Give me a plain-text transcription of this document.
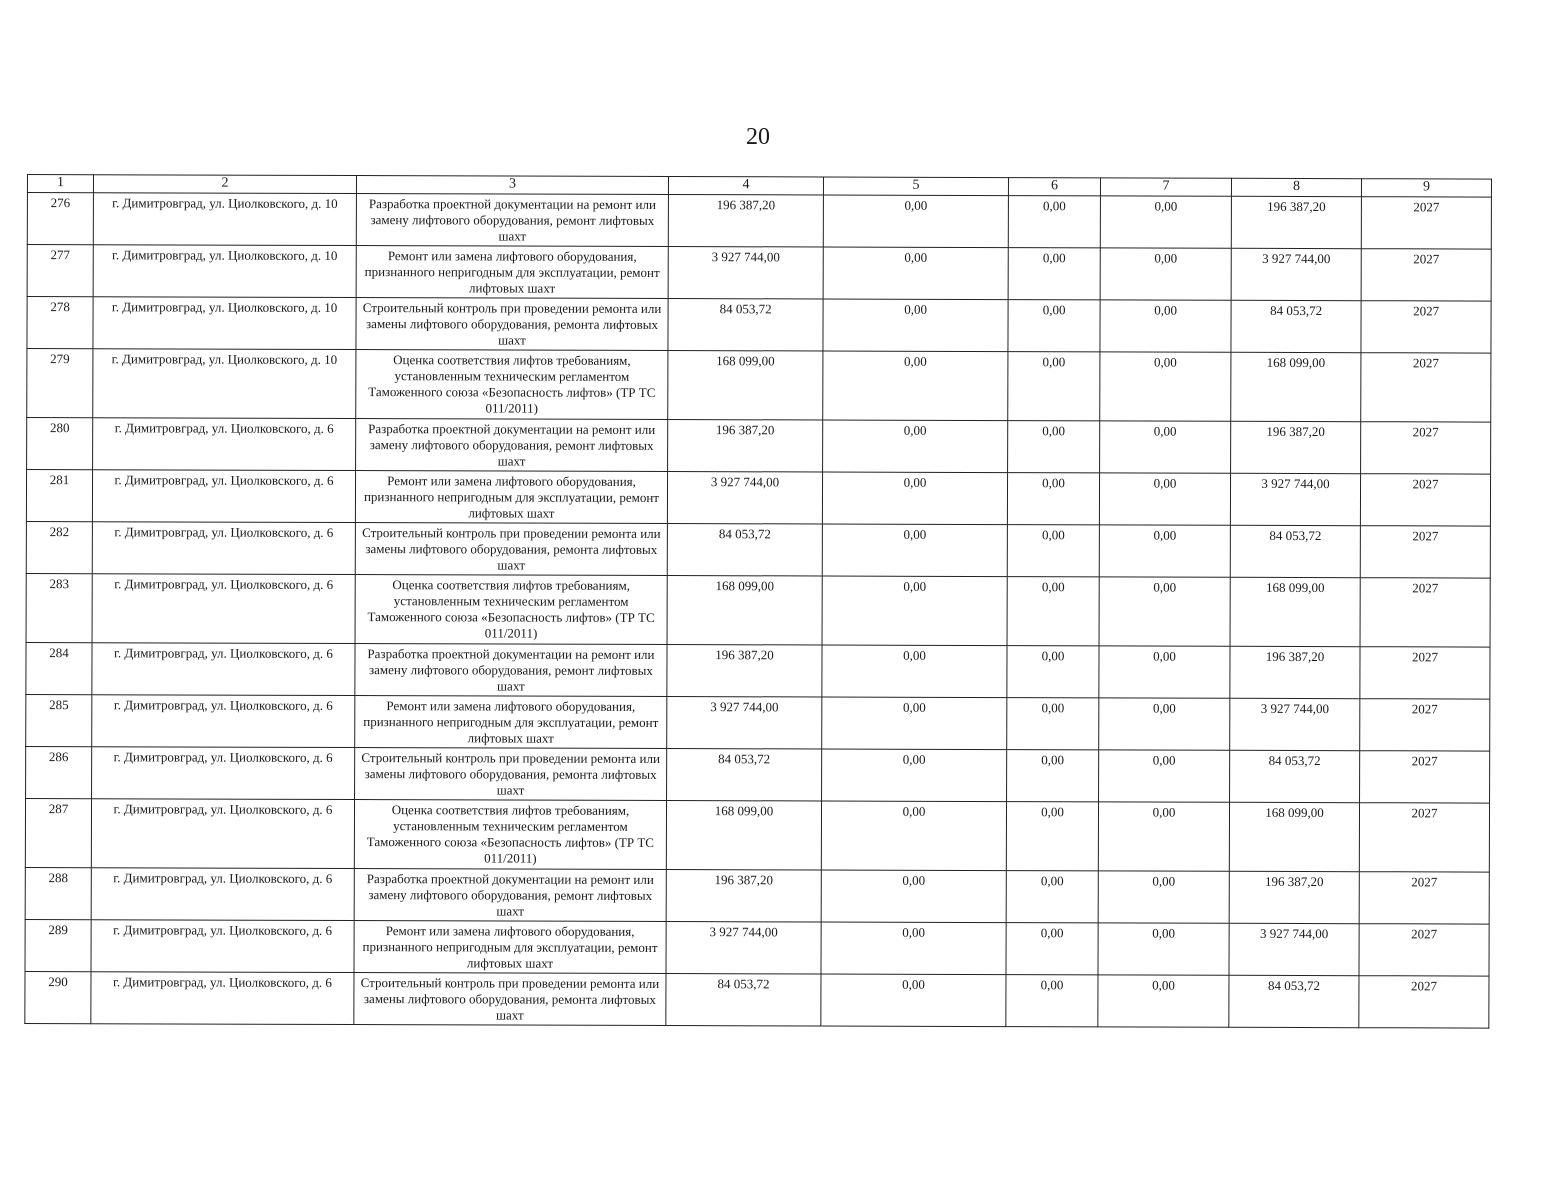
20
1	2	3	4	5	6	7	8	9
276	г. Димитровград, ул. Циолковского, д. 10	Разработка проектной документации на ремонт или замену лифтового оборудования, ремонт лифтовых шахт	196 387,20	0,00	0,00	0,00	196 387,20	2027
277	г. Димитровград, ул. Циолковского, д. 10	Ремонт или замена лифтового оборудования, признанного непригодным для эксплуатации, ремонт лифтовых шахт	3 927 744,00	0,00	0,00	0,00	3 927 744,00	2027
278	г. Димитровград, ул. Циолковского, д. 10	Строительный контроль при проведении ремонта или замены лифтового оборудования, ремонта лифтовых шахт	84 053,72	0,00	0,00	0,00	84 053,72	2027
279	г. Димитровград, ул. Циолковского, д. 10	Оценка соответствия лифтов требованиям, установленным техническим регламентом Таможенного союза «Безопасность лифтов» (ТР ТС 011/2011)	168 099,00	0,00	0,00	0,00	168 099,00	2027
280	г. Димитровград, ул. Циолковского, д. 6	Разработка проектной документации на ремонт или замену лифтового оборудования, ремонт лифтовых шахт	196 387,20	0,00	0,00	0,00	196 387,20	2027
281	г. Димитровград, ул. Циолковского, д. 6	Ремонт или замена лифтового оборудования, признанного непригодным для эксплуатации, ремонт лифтовых шахт	3 927 744,00	0,00	0,00	0,00	3 927 744,00	2027
282	г. Димитровград, ул. Циолковского, д. 6	Строительный контроль при проведении ремонта или замены лифтового оборудования, ремонта лифтовых шахт	84 053,72	0,00	0,00	0,00	84 053,72	2027
283	г. Димитровград, ул. Циолковского, д. 6	Оценка соответствия лифтов требованиям, установленным техническим регламентом Таможенного союза «Безопасность лифтов» (ТР ТС 011/2011)	168 099,00	0,00	0,00	0,00	168 099,00	2027
284	г. Димитровград, ул. Циолковского, д. 6	Разработка проектной документации на ремонт или замену лифтового оборудования, ремонт лифтовых шахт	196 387,20	0,00	0,00	0,00	196 387,20	2027
285	г. Димитровград, ул. Циолковского, д. 6	Ремонт или замена лифтового оборудования, признанного непригодным для эксплуатации, ремонт лифтовых шахт	3 927 744,00	0,00	0,00	0,00	3 927 744,00	2027
286	г. Димитровград, ул. Циолковского, д. 6	Строительный контроль при проведении ремонта или замены лифтового оборудования, ремонта лифтовых шахт	84 053,72	0,00	0,00	0,00	84 053,72	2027
287	г. Димитровград, ул. Циолковского, д. 6	Оценка соответствия лифтов требованиям, установленным техническим регламентом Таможенного союза «Безопасность лифтов» (ТР ТС 011/2011)	168 099,00	0,00	0,00	0,00	168 099,00	2027
288	г. Димитровград, ул. Циолковского, д. 6	Разработка проектной документации на ремонт или замену лифтового оборудования, ремонт лифтовых шахт	196 387,20	0,00	0,00	0,00	196 387,20	2027
289	г. Димитровград, ул. Циолковского, д. 6	Ремонт или замена лифтового оборудования, признанного непригодным для эксплуатации, ремонт лифтовых шахт	3 927 744,00	0,00	0,00	0,00	3 927 744,00	2027
290	г. Димитровград, ул. Циолковского, д. 6	Строительный контроль при проведении ремонта или замены лифтового оборудования, ремонта лифтовых шахт	84 053,72	0,00	0,00	0,00	84 053,72	2027
